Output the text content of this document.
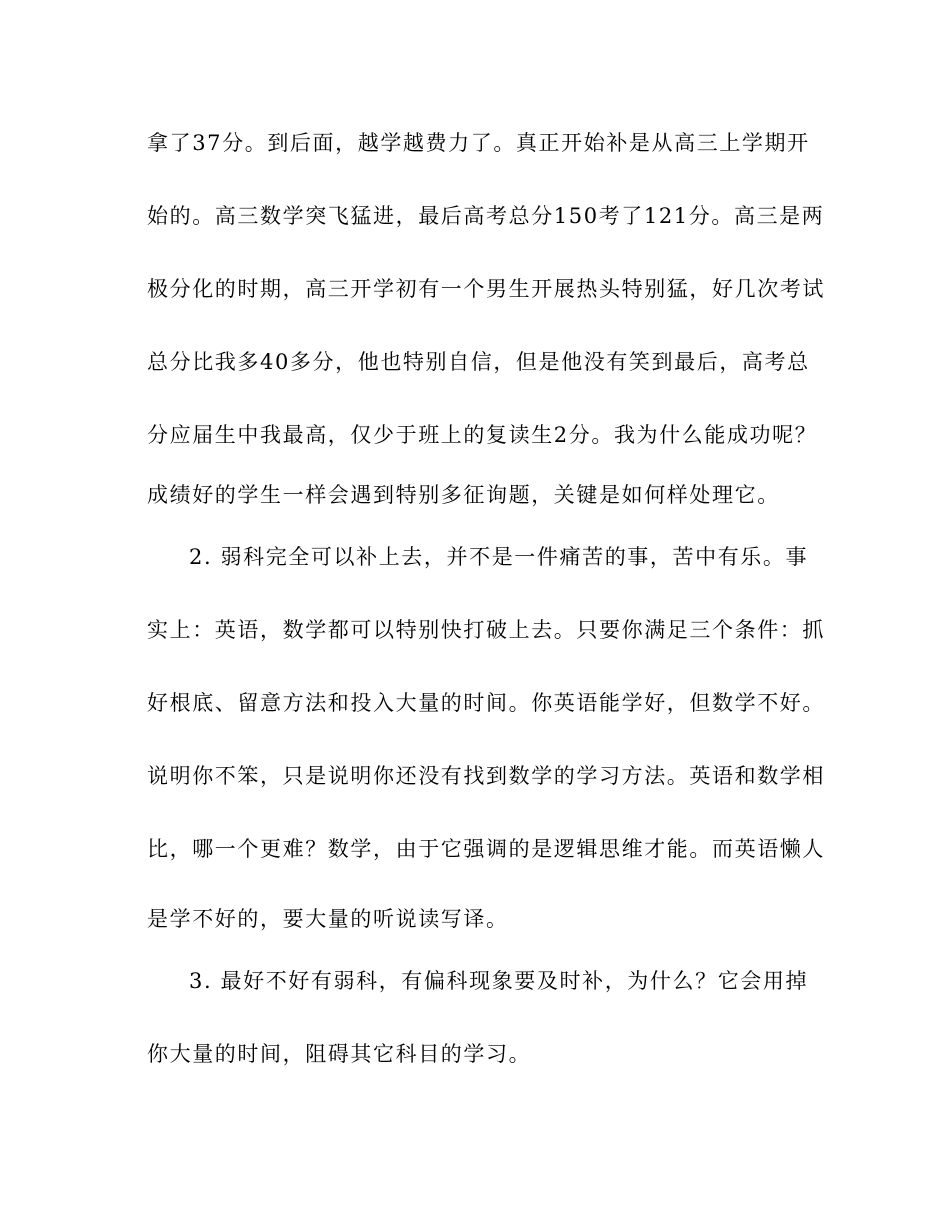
拿了37分。到后面，越学越费力了。真正开始补是从高三上学期开
始的。高三数学突飞猛进，最后高考总分150考了121分。高三是两
极分化的时期，高三开学初有一个男生开展热头特别猛，好几次考试
总分比我多40多分，他也特别自信，但是他没有笑到最后，高考总
分应届生中我最高，仅少于班上的复读生2分。我为什么能成功呢？
成绩好的学生一样会遇到特别多征询题，关键是如何样处理它。
2. 弱科完全可以补上去，并不是一件痛苦的事，苦中有乐。事
实上：英语，数学都可以特别快打破上去。只要你满足三个条件：抓
好根底、留意方法和投入大量的时间。你英语能学好，但数学不好。
说明你不笨，只是说明你还没有找到数学的学习方法。英语和数学相
比，哪一个更难？数学，由于它强调的是逻辑思维才能。而英语懒人
是学不好的，要大量的听说读写译。
3. 最好不好有弱科，有偏科现象要及时补，为什么？它会用掉
你大量的时间，阻碍其它科目的学习。
